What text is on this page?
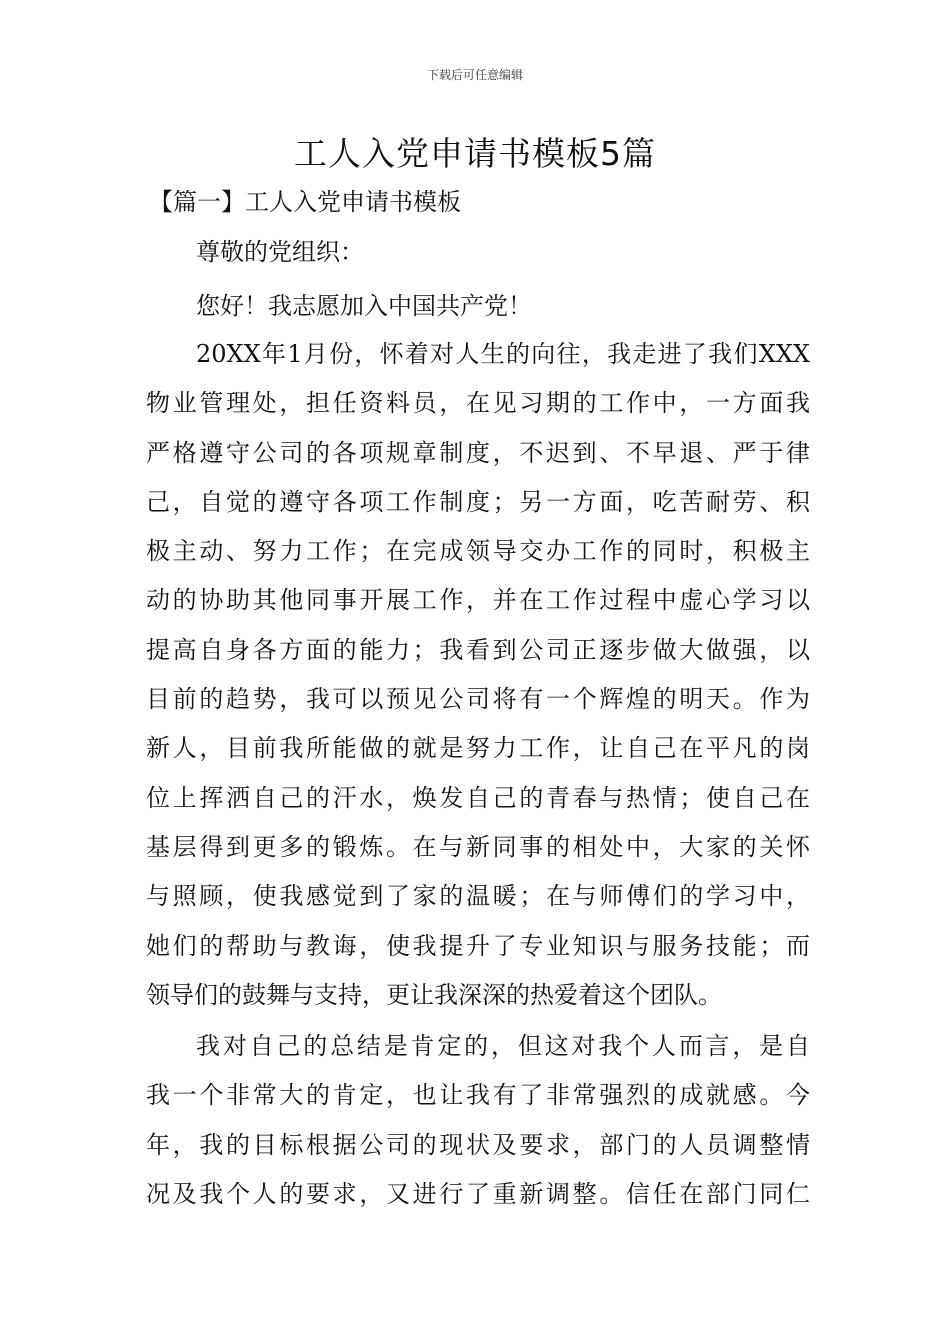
下载后可任意编辑
工人入党申请书模板5篇
【篇一】工人入党申请书模板
尊敬的党组织：
您好！我志愿加入中国共产党！
20XX年1月份，怀着对人生的向往，我走进了我们XXX
物业管理处，担任资料员，在见习期的工作中，一方面我
严格遵守公司的各项规章制度，不迟到、不早退、严于律
己，自觉的遵守各项工作制度；另一方面，吃苦耐劳、积
极主动、努力工作；在完成领导交办工作的同时，积极主
动的协助其他同事开展工作，并在工作过程中虚心学习以
提高自身各方面的能力；我看到公司正逐步做大做强，以
目前的趋势，我可以预见公司将有一个辉煌的明天。作为
新人，目前我所能做的就是努力工作，让自己在平凡的岗
位上挥洒自己的汗水，焕发自己的青春与热情；使自己在
基层得到更多的锻炼。在与新同事的相处中，大家的关怀
与照顾，使我感觉到了家的温暖；在与师傅们的学习中，
她们的帮助与教诲，使我提升了专业知识与服务技能；而
领导们的鼓舞与支持，更让我深深的热爱着这个团队。
我对自己的总结是肯定的，但这对我个人而言，是自
我一个非常大的肯定，也让我有了非常强烈的成就感。今
年，我的目标根据公司的现状及要求，部门的人员调整情
况及我个人的要求，又进行了重新调整。信任在部门同仁
